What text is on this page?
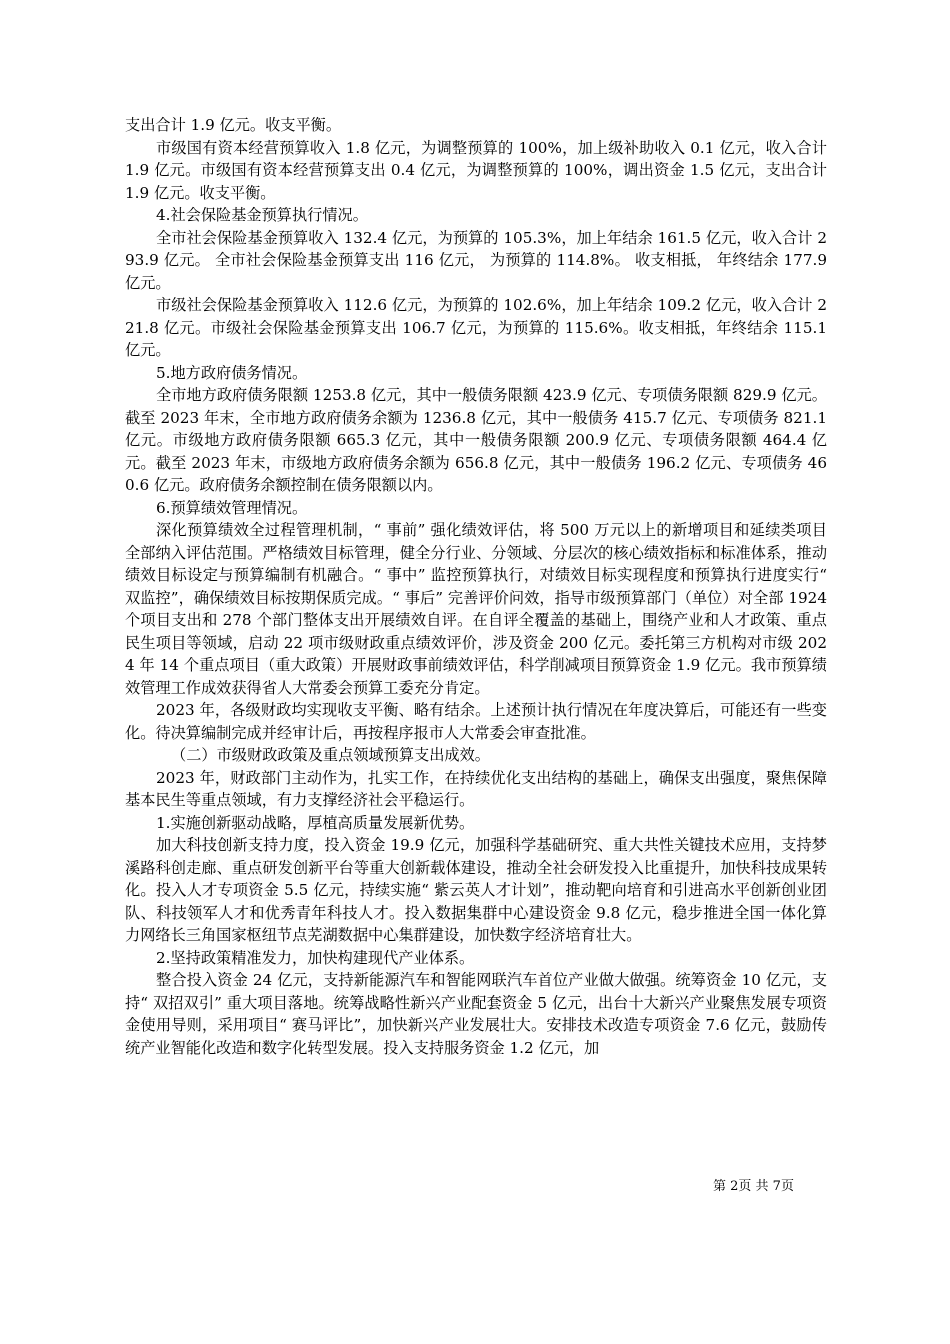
支出合计 1.9 亿元。收支平衡。

市级国有资本经营预算收入 1.8 亿元，为调整预算的 100%，加上级补助收入 0.1 亿元，收入合计 1.9 亿元。市级国有资本经营预算支出 0.4 亿元，为调整预算的 100%，调出资金 1.5 亿元，支出合计 1.9 亿元。收支平衡。

4.社会保险基金预算执行情况。

全市社会保险基金预算收入 132.4 亿元，为预算的 105.3%，加上年结余 161.5 亿元，收入合计 293.9 亿元。 全市社会保险基金预算支出 116 亿元， 为预算的 114.8%。 收支相抵， 年终结余 177.9 亿元。

市级社会保险基金预算收入 112.6 亿元，为预算的 102.6%，加上年结余 109.2 亿元，收入合计 221.8 亿元。市级社会保险基金预算支出 106.7 亿元，为预算的 115.6%。收支相抵，年终结余 115.1 亿元。

5.地方政府债务情况。

全市地方政府债务限额 1253.8 亿元，其中一般债务限额 423.9 亿元、专项债务限额 829.9 亿元。截至 2023 年末，全市地方政府债务余额为 1236.8 亿元，其中一般债务 415.7 亿元、专项债务 821.1 亿元。市级地方政府债务限额 665.3 亿元，其中一般债务限额 200.9 亿元、专项债务限额 464.4 亿元。截至 2023 年末，市级地方政府债务余额为 656.8 亿元，其中一般债务 196.2 亿元、专项债务 460.6 亿元。政府债务余额控制在债务限额以内。

6.预算绩效管理情况。

深化预算绩效全过程管理机制，“ 事前” 强化绩效评估，将 500 万元以上的新增项目和延续类项目全部纳入评估范围。严格绩效目标管理，健全分行业、分领域、分层次的核心绩效指标和标准体系，推动绩效目标设定与预算编制有机融合。“ 事中” 监控预算执行，对绩效目标实现程度和预算执行进度实行“ 双监控”，确保绩效目标按期保质完成。“ 事后” 完善评价问效，指导市级预算部门（单位）对全部 1924 个项目支出和 278 个部门整体支出开展绩效自评。在自评全覆盖的基础上，围绕产业和人才政策、重点民生项目等领域，启动 22 项市级财政重点绩效评价，涉及资金 200 亿元。委托第三方机构对市级 2024 年 14 个重点项目（重大政策）开展财政事前绩效评估，科学削减项目预算资金 1.9 亿元。我市预算绩效管理工作成效获得省人大常委会预算工委充分肯定。

2023 年，各级财政均实现收支平衡、略有结余。上述预计执行情况在年度决算后，可能还有一些变化。待决算编制完成并经审计后，再按程序报市人大常委会审查批准。

（二）市级财政政策及重点领域预算支出成效。

2023 年，财政部门主动作为，扎实工作，在持续优化支出结构的基础上，确保支出强度，聚焦保障基本民生等重点领域，有力支撑经济社会平稳运行。

1.实施创新驱动战略，厚植高质量发展新优势。

加大科技创新支持力度，投入资金 19.9 亿元，加强科学基础研究、重大共性关键技术应用，支持梦溪路科创走廊、重点研发创新平台等重大创新载体建设，推动全社会研发投入比重提升，加快科技成果转化。投入人才专项资金 5.5 亿元，持续实施“ 紫云英人才计划”，推动靶向培育和引进高水平创新创业团队、科技领军人才和优秀青年科技人才。投入数据集群中心建设资金 9.8 亿元，稳步推进全国一体化算力网络长三角国家枢纽节点芜湖数据中心集群建设，加快数字经济培育壮大。

2.坚持政策精准发力，加快构建现代产业体系。

整合投入资金 24 亿元，支持新能源汽车和智能网联汽车首位产业做大做强。统筹资金 10 亿元，支持“ 双招双引” 重大项目落地。统筹战略性新兴产业配套资金 5 亿元，出台十大新兴产业聚焦发展专项资金使用导则，采用项目“ 赛马评比”，加快新兴产业发展壮大。安排技术改造专项资金 7.6 亿元，鼓励传统产业智能化改造和数字化转型发展。投入支持服务资金 1.2 亿元，加

第 2页 共 7页
